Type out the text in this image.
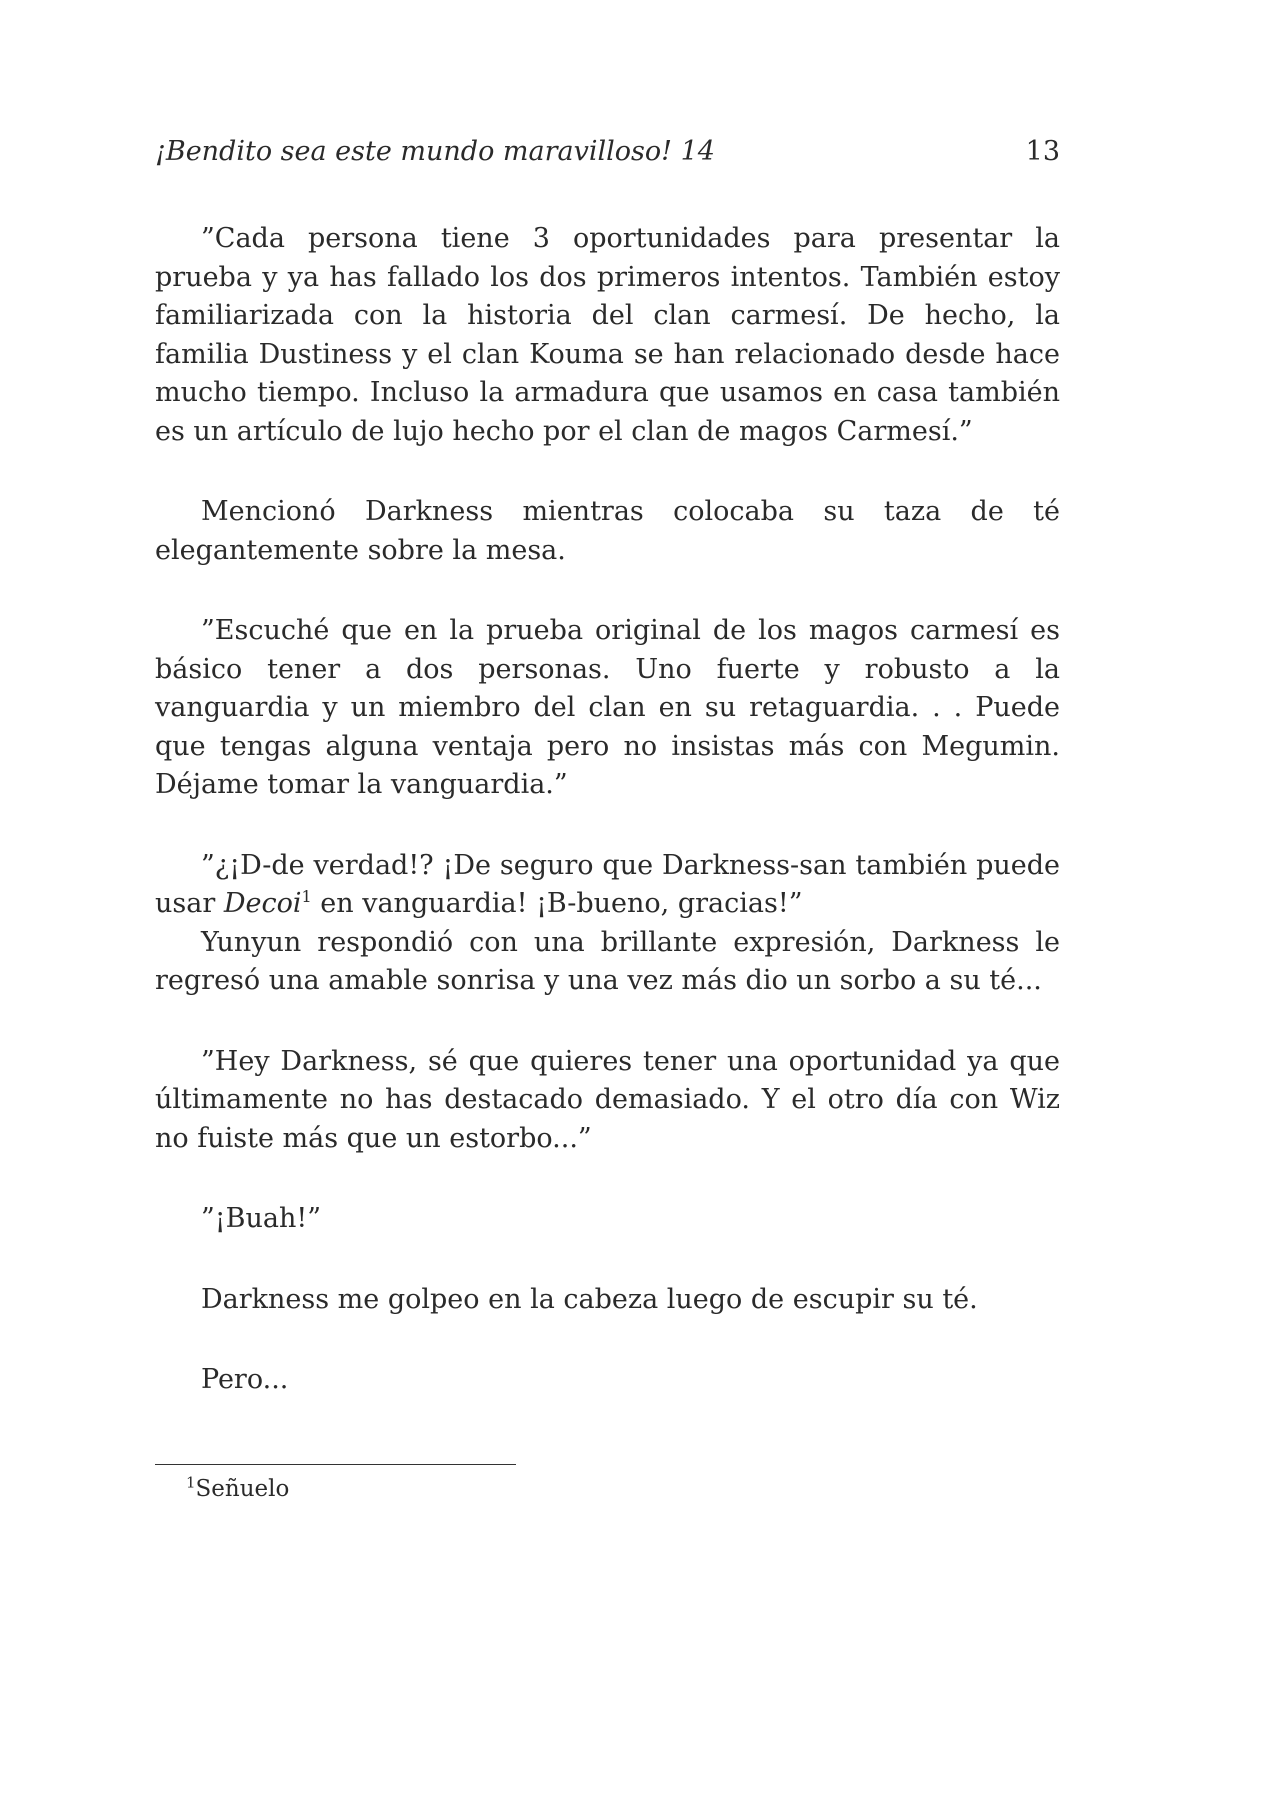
¡Bendito sea este mundo maravilloso! 14	13

”Cada persona tiene 3 oportunidades para presentar la prueba y ya has fallado los dos primeros intentos. También estoy familiarizada con la historia del clan carmesí. De hecho, la familia Dustiness y el clan Kouma se han relacionado desde hace mucho tiempo. Incluso la armadura que usamos en casa también es un artículo de lujo hecho por el clan de magos Carmesí.”

Mencionó Darkness mientras colocaba su taza de té elegantemente sobre la mesa.

”Escuché que en la prueba original de los magos carmesí es básico tener a dos personas. Uno fuerte y robusto a la vanguardia y un miembro del clan en su retaguardia. . . Puede que tengas alguna ventaja pero no insistas más con Megumin. Déjame tomar la vanguardia.”

”¿¡D-de verdad!? ¡De seguro que Darkness-san también puede usar Decoi$^1$ en vanguardia! ¡B-bueno, gracias!”

Yunyun respondió con una brillante expresión, Darkness le regresó una amable sonrisa y una vez más dio un sorbo a su té...

”Hey Darkness, sé que quieres tener una oportunidad ya que últimamente no has destacado demasiado. Y el otro día con Wiz no fuiste más que un estorbo...”

”¡Buah!”

Darkness me golpeo en la cabeza luego de escupir su té.

Pero...

$^1$Señuelo
